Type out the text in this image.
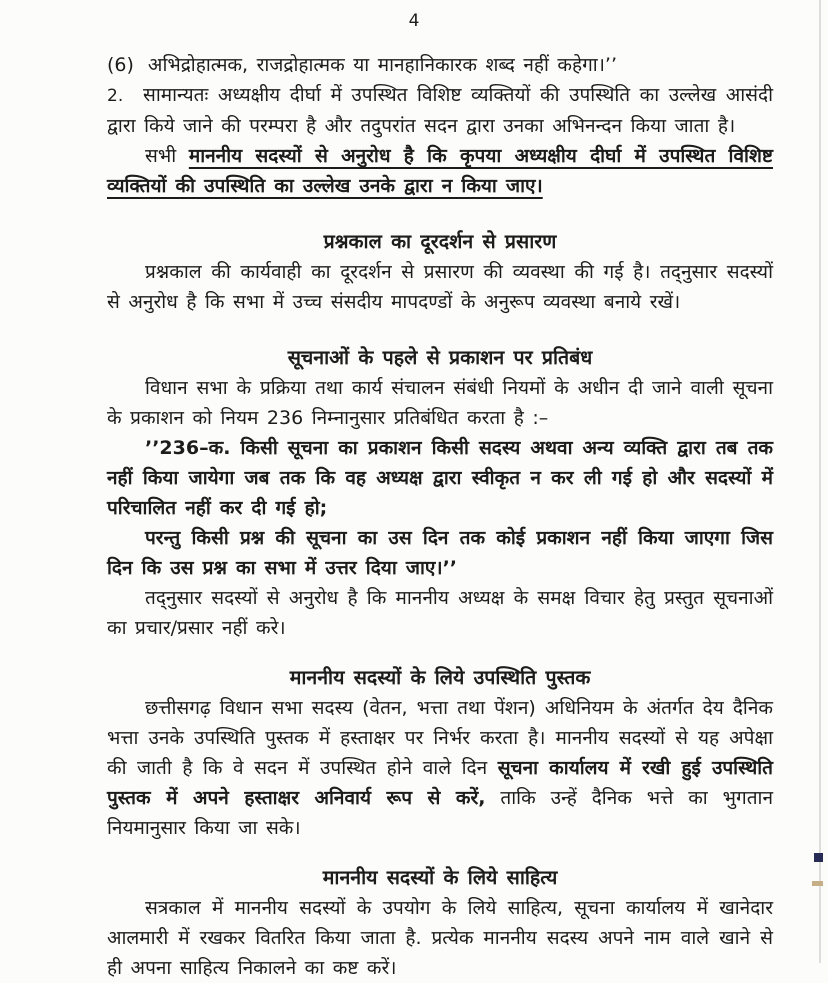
4

(6) अभिद्रोहात्मक, राजद्रोहात्मक या मानहानिकारक शब्द नहीं कहेगा।’’

2. सामान्यतः अध्यक्षीय दीर्घा में उपस्थित विशिष्ट व्यक्तियों की उपस्थिति का उल्लेख आसंदी द्वारा किये जाने की परम्परा है और तदुपरांत सदन द्वारा उनका अभिनन्दन किया जाता है।

सभी माननीय सदस्यों से अनुरोध है कि कृपया अध्यक्षीय दीर्घा में उपस्थित विशिष्ट व्यक्तियों की उपस्थिति का उल्लेख उनके द्वारा न किया जाए।

प्रश्नकाल का दूरदर्शन से प्रसारण

प्रश्नकाल की कार्यवाही का दूरदर्शन से प्रसारण की व्यवस्था की गई है। तद्नुसार सदस्यों से अनुरोध है कि सभा में उच्च संसदीय मापदण्डों के अनुरूप व्यवस्था बनाये रखें।

सूचनाओं के पहले से प्रकाशन पर प्रतिबंध

विधान सभा के प्रक्रिया तथा कार्य संचालन संबंधी नियमों के अधीन दी जाने वाली सूचना के प्रकाशन को नियम 236 निम्नानुसार प्रतिबंधित करता है :–

’’236–क. किसी सूचना का प्रकाशन किसी सदस्य अथवा अन्य व्यक्ति द्वारा तब तक नहीं किया जायेगा जब तक कि वह अध्यक्ष द्वारा स्वीकृत न कर ली गई हो और सदस्यों में परिचालित नहीं कर दी गई हो;

परन्तु किसी प्रश्न की सूचना का उस दिन तक कोई प्रकाशन नहीं किया जाएगा जिस दिन कि उस प्रश्न का सभा में उत्तर दिया जाए।’’

तद्नुसार सदस्यों से अनुरोध है कि माननीय अध्यक्ष के समक्ष विचार हेतु प्रस्तुत सूचनाओं का प्रचार/प्रसार नहीं करे।

माननीय सदस्यों के लिये उपस्थिति पुस्तक

छत्तीसगढ़ विधान सभा सदस्य (वेतन, भत्ता तथा पेंशन) अधिनियम के अंतर्गत देय दैनिक भत्ता उनके उपस्थिति पुस्तक में हस्ताक्षर पर निर्भर करता है। माननीय सदस्यों से यह अपेक्षा की जाती है कि वे सदन में उपस्थित होने वाले दिन सूचना कार्यालय में रखी हुई उपस्थिति पुस्तक में अपने हस्ताक्षर अनिवार्य रूप से करें, ताकि उन्हें दैनिक भत्ते का भुगतान नियमानुसार किया जा सके।

माननीय सदस्यों के लिये साहित्य

सत्रकाल में माननीय सदस्यों के उपयोग के लिये साहित्य, सूचना कार्यालय में खानेदार आलमारी में रखकर वितरित किया जाता है. प्रत्येक माननीय सदस्य अपने नाम वाले खाने से ही अपना साहित्य निकालने का कष्ट करें।
